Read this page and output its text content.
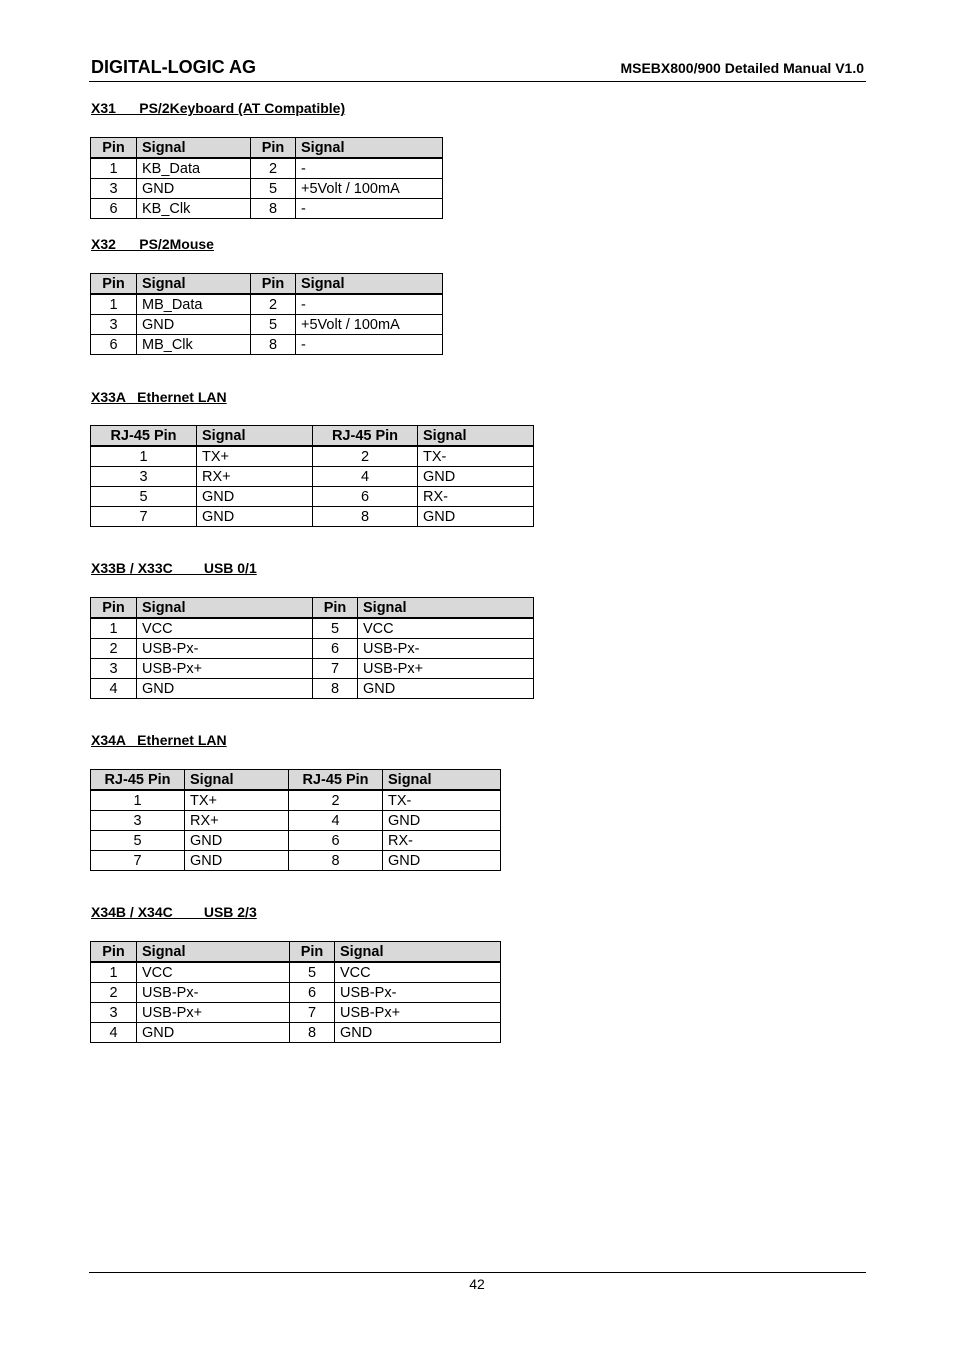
DIGITAL-LOGIC AG	MSEBX800/900 Detailed Manual V1.0
X31      PS/2Keyboard (AT Compatible)
Pin	Signal	Pin	Signal
1	KB_Data	2	-
3	GND	5	+5Volt / 100mA
6	KB_Clk	8	-
X32      PS/2Mouse
Pin	Signal	Pin	Signal
1	MB_Data	2	-
3	GND	5	+5Volt / 100mA
6	MB_Clk	8	-
X33A   Ethernet LAN
RJ-45 Pin	Signal	RJ-45 Pin	Signal
1	TX+	2	TX-
3	RX+	4	GND
5	GND	6	RX-
7	GND	8	GND
X33B / X33C        USB 0/1
Pin	Signal	Pin	Signal
1	VCC	5	VCC
2	USB-Px-	6	USB-Px-
3	USB-Px+	7	USB-Px+
4	GND	8	GND
X34A   Ethernet LAN
RJ-45 Pin	Signal	RJ-45 Pin	Signal
1	TX+	2	TX-
3	RX+	4	GND
5	GND	6	RX-
7	GND	8	GND
X34B / X34C        USB 2/3
Pin	Signal	Pin	Signal
1	VCC	5	VCC
2	USB-Px-	6	USB-Px-
3	USB-Px+	7	USB-Px+
4	GND	8	GND
42
